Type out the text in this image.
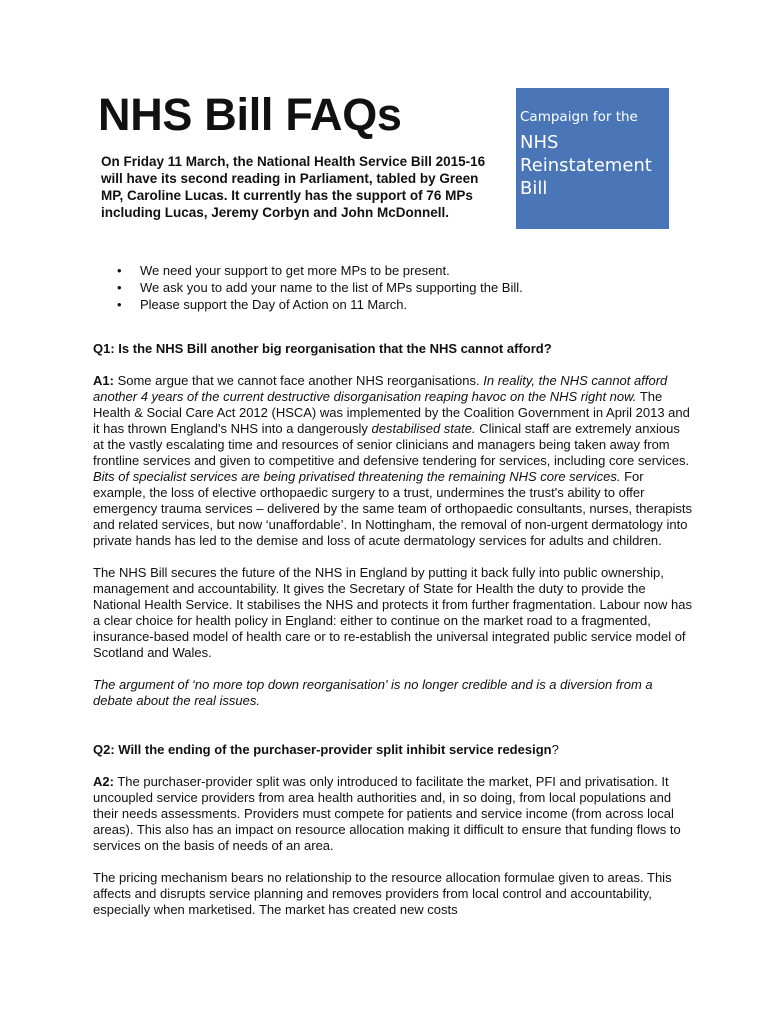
NHS Bill FAQs

On Friday 11 March, the National Health Service Bill 2015-16 will have its second reading in Parliament, tabled by Green MP, Caroline Lucas. It currently has the support of 76 MPs including Lucas, Jeremy Corbyn and John McDonnell.

Campaign for the
NHS
Reinstatement
Bill
• We need your support to get more MPs to be present.
• We ask you to add your name to the list of MPs supporting the Bill.
• Please support the Day of Action on 11 March.

Q1: Is the NHS Bill another big reorganisation that the NHS cannot afford?

A1: Some argue that we cannot face another NHS reorganisations. In reality, the NHS cannot afford another 4 years of the current destructive disorganisation reaping havoc on the NHS right now. The Health & Social Care Act 2012 (HSCA) was implemented by the Coalition Government in April 2013 and it has thrown England's NHS into a dangerously destabilised state. Clinical staff are extremely anxious at the vastly escalating time and resources of senior clinicians and managers being taken away from frontline services and given to competitive and defensive tendering for services, including core services. Bits of specialist services are being privatised threatening the remaining NHS core services. For example, the loss of elective orthopaedic surgery to a trust, undermines the trust's ability to offer emergency trauma services – delivered by the same team of orthopaedic consultants, nurses, therapists and related services, but now ‘unaffordable’. In Nottingham, the removal of non-urgent dermatology into private hands has led to the demise and loss of acute dermatology services for adults and children.

The NHS Bill secures the future of the NHS in England by putting it back fully into public ownership, management and accountability. It gives the Secretary of State for Health the duty to provide the National Health Service. It stabilises the NHS and protects it from further fragmentation. Labour now has a clear choice for health policy in England: either to continue on the market road to a fragmented, insurance-based model of health care or to re-establish the universal integrated public service model of Scotland and Wales.

The argument of ‘no more top down reorganisation' is no longer credible and is a diversion from a debate about the real issues.

Q2: Will the ending of the purchaser-provider split inhibit service redesign?

A2: The purchaser-provider split was only introduced to facilitate the market, PFI and privatisation. It uncoupled service providers from area health authorities and, in so doing, from local populations and their needs assessments. Providers must compete for patients and service income (from across local areas). This also has an impact on resource allocation making it difficult to ensure that funding flows to services on the basis of needs of an area.

The pricing mechanism bears no relationship to the resource allocation formulae given to areas. This affects and disrupts service planning and removes providers from local control and accountability, especially when marketised. The market has created new costs
